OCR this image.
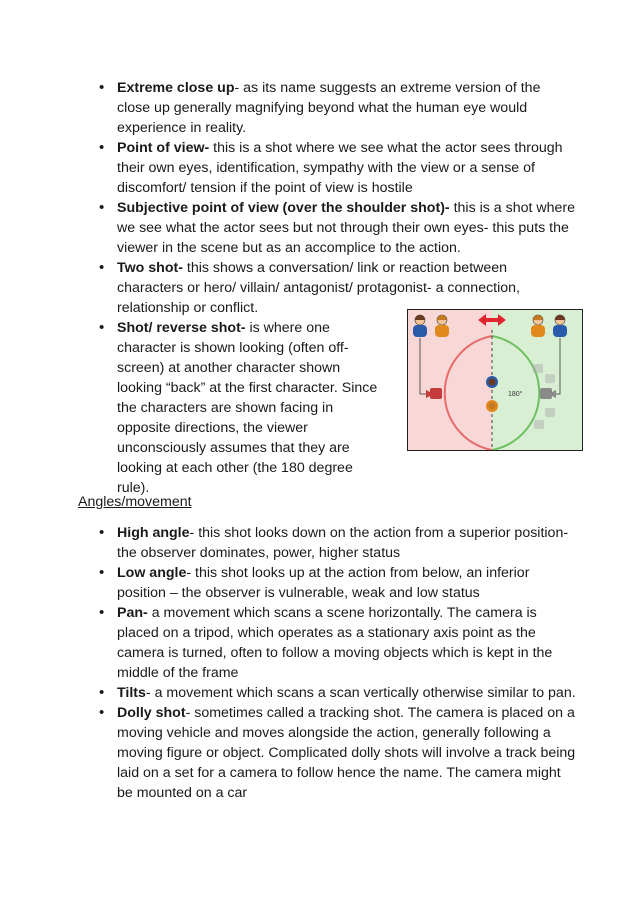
• Extreme close up- as its name suggests an extreme version of the close up generally magnifying beyond what the human eye would experience in reality.
• Point of view- this is a shot where we see what the actor sees through their own eyes, identification, sympathy with the view or a sense of discomfort/ tension if the point of view is hostile
• Subjective point of view (over the shoulder shot)- this is a shot where we see what the actor sees but not through their own eyes- this puts the viewer in the scene but as an accomplice to the action.
• Two shot- this shows a conversation/ link or reaction between characters or hero/ villain/ antagonist/ protagonist- a connection, relationship or conflict.
• Shot/ reverse shot- is where one character is shown looking (often off-screen) at another character shown looking “back” at the first character. Since the characters are shown facing in opposite directions, the viewer unconsciously assumes that they are looking at each other (the 180 degree rule).
180°
Angles/movement
• High angle- this shot looks down on the action from a superior position- the observer dominates, power, higher status
• Low angle- this shot looks up at the action from below, an inferior position – the observer is vulnerable, weak and low status
• Pan- a movement which scans a scene horizontally. The camera is placed on a tripod, which operates as a stationary axis point as the camera is turned, often to follow a moving objects which is kept in the middle of the frame
• Tilts- a movement which scans a scan vertically otherwise similar to pan.
• Dolly shot- sometimes called a tracking shot. The camera is placed on a moving vehicle and moves alongside the action, generally following a moving figure or object. Complicated dolly shots will involve a track being laid on a set for a camera to follow hence the name. The camera might be mounted on a car
